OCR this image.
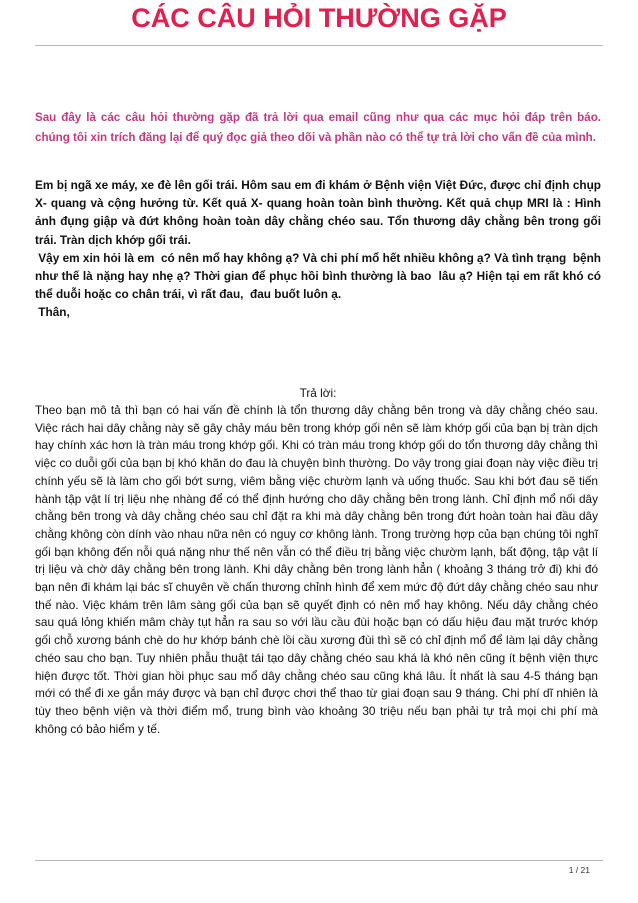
CÁC CÂU HỎI THƯỜNG GẶP

Sau đây là các câu hỏi thường gặp đã trả lời qua email cũng như qua các mục hỏi đáp trên báo. chúng tôi xin trích đăng lại để quý đọc giả theo dõi và phần nào có thể tự trả lời cho vấn đề của mình.

Em bị ngã xe máy, xe đè lên gối trái. Hôm sau em đi khám ở Bệnh viện Việt Đức, được chỉ định chụp X- quang và cộng hưởng từ. Kết quả X- quang hoàn toàn bình thường. Kết quả chụp MRI là : Hình ảnh đụng giập và đứt không hoàn toàn dây chằng chéo sau. Tổn thương dây chằng bên trong gối trái. Tràn dịch khớp gối trái.

Vậy em xin hỏi là em  có nên mổ hay không ạ? Và chi phí mổ hết nhiều không ạ? Và tình trạng  bệnh như thế là nặng hay nhẹ ạ? Thời gian để phục hồi bình thường là bao  lâu ạ? Hiện tại em rất khó có thể duỗi hoặc co chân trái, vì rất đau,  đau buốt luôn ạ.

Thân,

Trả lời:

Theo bạn mô tả thì bạn có hai vấn đề chính là tổn thương dây chằng bên trong và dây chằng chéo sau. Việc rách hai dây chằng này sẽ gây chảy máu bên trong khớp gối nên sẽ làm khớp gối của bạn bị tràn dịch hay chính xác hơn là tràn máu trong khớp gối. Khi có tràn máu trong khớp gối do tổn thương dây chằng thì việc co duỗi gối của bạn bị khó khăn do đau là chuyện bình thường. Do vậy trong giai đoạn này việc điều trị chính yếu sẽ là làm cho gối bớt sưng, viêm bằng việc chườm lạnh và uống thuốc. Sau khi bớt đau sẽ tiến hành tập vật lí trị liệu nhẹ nhàng để có thể định hướng cho dây chằng bên trong lành. Chỉ định mổ nối dây chằng bên trong và dây chằng chéo sau chỉ đặt ra khi mà dây chằng bên trong đứt hoàn toàn hai đầu dây chằng không còn dính vào nhau nữa nên có nguy cơ không lành. Trong trường hợp của bạn chúng tôi nghĩ gối bạn không đến nỗi quá nặng như thế nên vẫn có thể điều trị bằng việc chườm lạnh, bất động, tập vật lí trị liệu và chờ dây chằng bên trong lành. Khi dây chằng bên trong lành hẳn ( khoảng 3 tháng trở đi) khi đó bạn nên đi khám lại bác sĩ chuyên về chấn thương chỉnh hình để xem mức độ đứt dây chằng chéo sau như thế nào. Việc khám trên lâm sàng gối của bạn sẽ quyết định có nên mổ hay không. Nếu dây chằng chéo sau quá lỏng khiến mâm chày tụt hẳn ra sau so với lầu cầu đùi hoặc bạn có dấu hiệu đau mặt trước khớp gối chỗ xương bánh chè do hư khớp bánh chè lồi cầu xương đùi thì sẽ có chỉ định mổ để làm lại dây chằng chéo sau cho bạn. Tuy nhiên phẫu thuật tái tạo dây chằng chéo sau khá là khó nên cũng ít bệnh viện thực hiện được tốt. Thời gian hồi phục sau mổ dây chằng chéo sau cũng khá lâu. Ít nhất là sau 4-5 tháng bạn mới có thể đi xe gắn máy được và bạn chỉ được chơi thể thao từ giai đoạn sau 9 tháng. Chi phí dĩ nhiên là tùy theo bệnh viện và thời điểm mổ, trung bình vào khoảng 30 triệu nếu bạn phải tự trả mọi chi phí mà không có bảo hiểm y tế.

1 / 21
